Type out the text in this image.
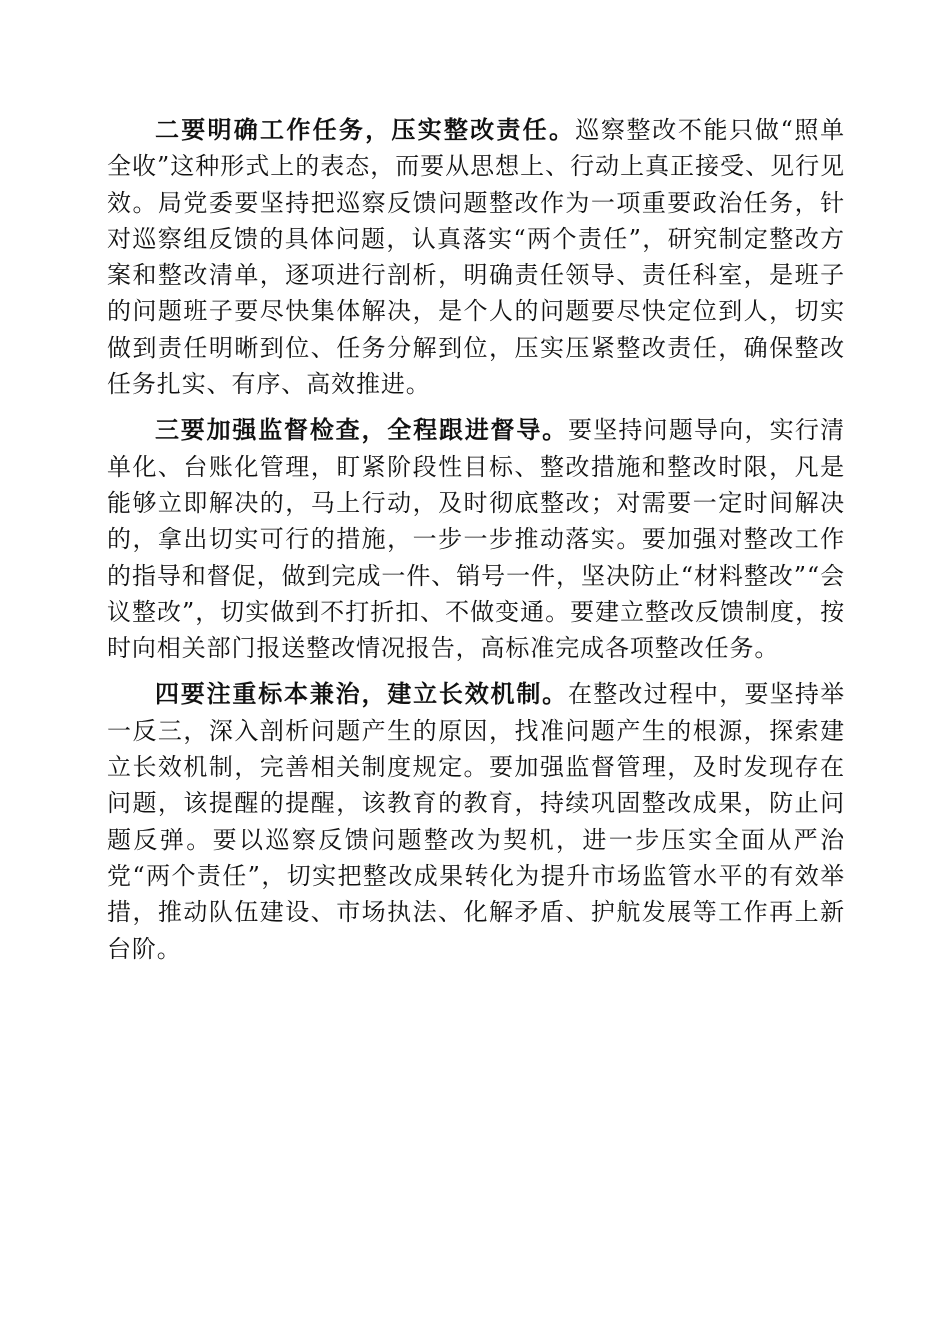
二要明确工作任务，压实整改责任。巡察整改不能只做“照单全收”这种形式上的表态，而要从思想上、行动上真正接受、见行见效。局党委要坚持把巡察反馈问题整改作为一项重要政治任务，针对巡察组反馈的具体问题，认真落实“两个责任”，研究制定整改方案和整改清单，逐项进行剖析，明确责任领导、责任科室，是班子的问题班子要尽快集体解决，是个人的问题要尽快定位到人，切实做到责任明晰到位、任务分解到位，压实压紧整改责任，确保整改任务扎实、有序、高效推进。

三要加强监督检查，全程跟进督导。要坚持问题导向，实行清单化、台账化管理，盯紧阶段性目标、整改措施和整改时限，凡是能够立即解决的，马上行动，及时彻底整改；对需要一定时间解决的，拿出切实可行的措施，一步一步推动落实。要加强对整改工作的指导和督促，做到完成一件、销号一件，坚决防止“材料整改”“会议整改”，切实做到不打折扣、不做变通。要建立整改反馈制度，按时向相关部门报送整改情况报告，高标准完成各项整改任务。

四要注重标本兼治，建立长效机制。在整改过程中，要坚持举一反三，深入剖析问题产生的原因，找准问题产生的根源，探索建立长效机制，完善相关制度规定。要加强监督管理，及时发现存在问题，该提醒的提醒，该教育的教育，持续巩固整改成果，防止问题反弹。要以巡察反馈问题整改为契机，进一步压实全面从严治党“两个责任”，切实把整改成果转化为提升市场监管水平的有效举措，推动队伍建设、市场执法、化解矛盾、护航发展等工作再上新台阶。
